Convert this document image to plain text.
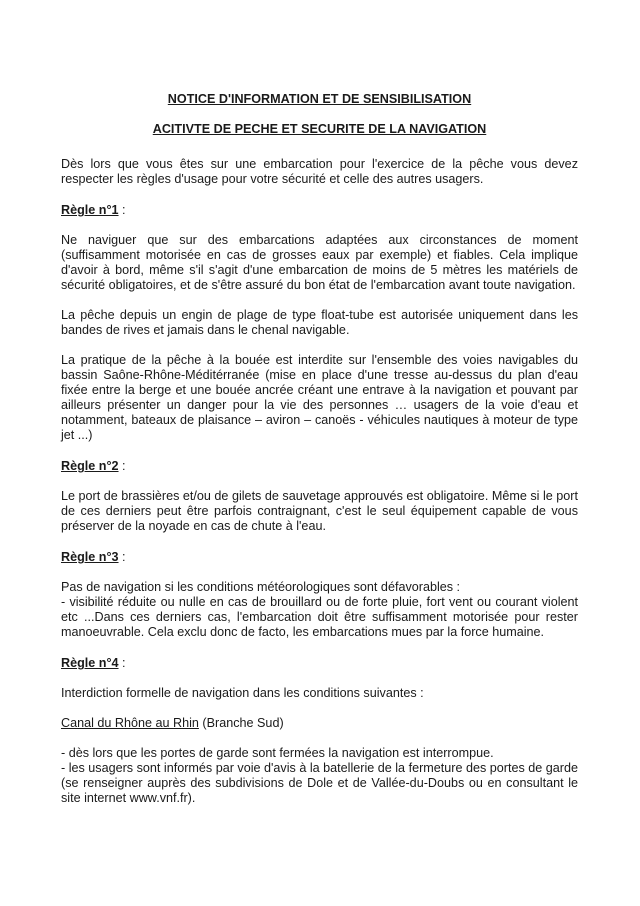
NOTICE D'INFORMATION ET DE SENSIBILISATION
ACITIVTE DE PECHE ET SECURITE DE LA NAVIGATION

Dès lors que vous êtes sur une embarcation pour l'exercice de la pêche vous devez respecter les règles d'usage pour votre sécurité et celle des autres usagers.

Règle n°1 :

Ne naviguer que sur des embarcations adaptées aux circonstances de moment (suffisamment motorisée en cas de grosses eaux par exemple) et fiables. Cela implique d'avoir à bord, même s'il s'agit d'une embarcation de moins de 5 mètres les matériels de sécurité obligatoires, et de s'être assuré du bon état de l'embarcation avant toute navigation.

La pêche depuis un engin de plage de type float-tube est autorisée uniquement dans les bandes de rives et jamais dans le chenal navigable.

La pratique de la pêche à la bouée est interdite sur l'ensemble des voies navigables du bassin Saône-Rhône-Méditérranée (mise en place d'une tresse au-dessus du plan d'eau fixée entre la berge et une bouée ancrée créant une entrave à la navigation et pouvant par ailleurs présenter un danger pour la vie des personnes … usagers de la voie d'eau et notamment, bateaux de plaisance – aviron – canoës - véhicules nautiques à moteur de type jet ...)

Règle n°2 :

Le port de brassières et/ou de gilets de sauvetage approuvés est obligatoire. Même si le port de ces derniers peut être parfois contraignant, c'est le seul équipement capable de vous préserver de la noyade en cas de chute à l'eau.

Règle n°3 :

Pas de navigation si les conditions météorologiques sont défavorables :
- visibilité réduite ou nulle en cas de brouillard ou de forte pluie, fort vent ou courant violent etc ...Dans ces derniers cas, l'embarcation doit être suffisamment motorisée pour rester manoeuvrable. Cela exclu donc de facto, les embarcations mues par la force humaine.

Règle n°4 :

Interdiction formelle de navigation dans les conditions suivantes :

Canal du Rhône au Rhin (Branche Sud)

- dès lors que les portes de garde sont fermées la navigation est interrompue.
- les usagers sont informés par voie d'avis à la batellerie de la fermeture des portes de garde (se renseigner auprès des subdivisions de Dole et de Vallée-du-Doubs ou en consultant le site internet www.vnf.fr).
